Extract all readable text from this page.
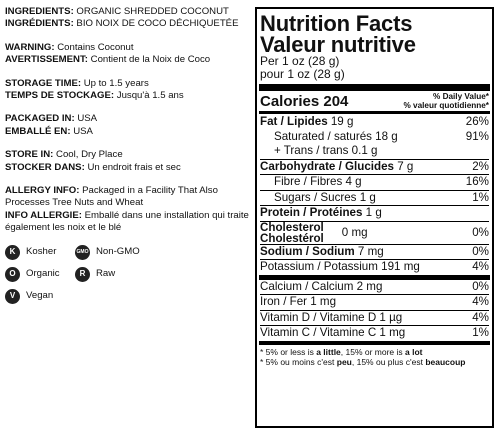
INGREDIENTS: ORGANIC SHREDDED COCONUT

INGRÉDIENTS: BIO NOIX DE COCO DÉCHIQUETÉE

WARNING: Contains Coconut

AVERTISSEMENT: Contient de la Noix de Coco

STORAGE TIME: Up to 1.5 years

TEMPS DE STOCKAGE: Jusqu'à 1.5 ans

PACKAGED IN: USA

EMBALLÉ EN: USA

STORE IN: Cool, Dry Place

STOCKER DANS: Un endroit frais et sec

ALLERGY INFO: Packaged in a Facility That Also Processes Tree Nuts and Wheat

INFO ALLERGIE: Emballé dans une installation qui traite également les noix et le blé

K	Kosher	GMO Non-GMO
O	Organic	R	Raw
V	Vegan
Nutrition Facts
Valeur nutritive
Per 1 oz (28 g)
pour 1 oz (28 g)
Calories 204	% Daily Value*
% valeur quotidienne*
Fat / Lipides 19 g	26%
Saturated / saturés 18 g	91%
+ Trans / trans 0.1 g
Carbohydrate / Glucides 7 g	2%
Fibre / Fibres 4 g	16%
Sugars / Sucres 1 g	1%
Protein / Protéines 1 g
Cholesterol
Cholestérol 0 mg	0%
Sodium / Sodium 7 mg	0%
Potassium / Potassium 191 mg	4%
Calcium / Calcium 2 mg	0%
Iron / Fer 1 mg	4%
Vitamin D / Vitamine D 1 µg	4%
Vitamin C / Vitamine C 1 mg	1%
* 5% or less is a little, 15% or more is a lot
* 5% ou moins c'est peu, 15% ou plus c'est beaucoup
